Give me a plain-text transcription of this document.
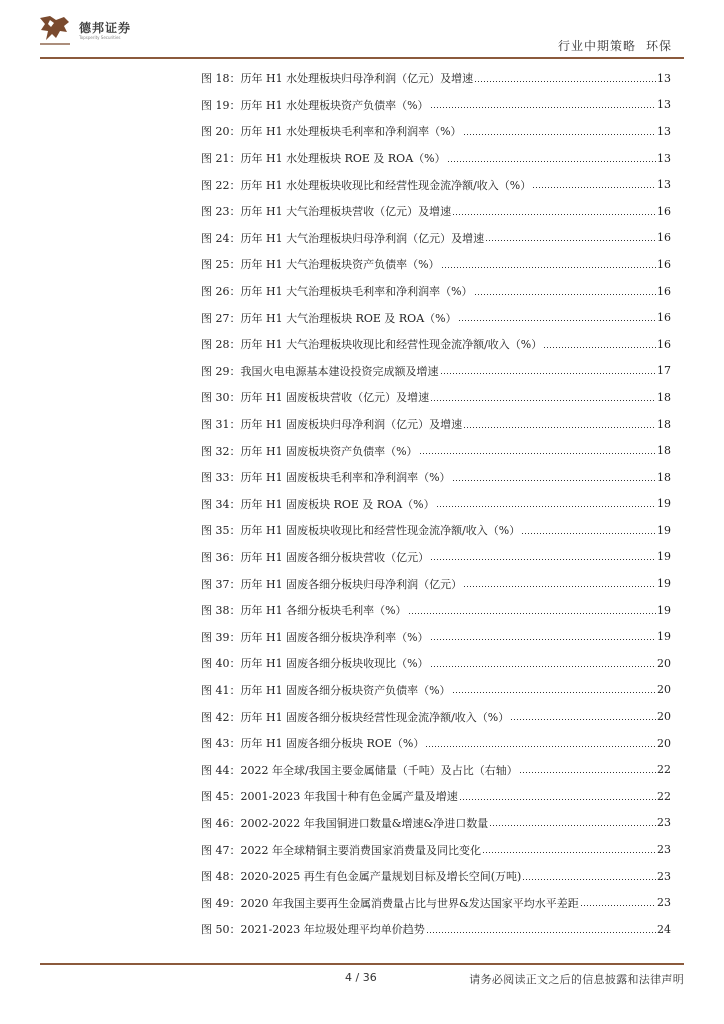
德邦证券
Topsperity Securities
行业中期策略 环保
图 18：历年 H1 水处理板块归母净利润（亿元）及增速	13
图 19：历年 H1 水处理板块资产负债率（%）	13
图 20：历年 H1 水处理板块毛利率和净利润率（%）	13
图 21：历年 H1 水处理板块 ROE 及 ROA（%）	13
图 22：历年 H1 水处理板块收现比和经营性现金流净额/收入（%）	13
图 23：历年 H1 大气治理板块营收（亿元）及增速	16
图 24：历年 H1 大气治理板块归母净利润（亿元）及增速	16
图 25：历年 H1 大气治理板块资产负债率（%）	16
图 26：历年 H1 大气治理板块毛利率和净利润率（%）	16
图 27：历年 H1 大气治理板块 ROE 及 ROA（%）	16
图 28：历年 H1 大气治理板块收现比和经营性现金流净额/收入（%）	16
图 29：我国火电电源基本建设投资完成额及增速	17
图 30：历年 H1 固废板块营收（亿元）及增速	18
图 31：历年 H1 固废板块归母净利润（亿元）及增速	18
图 32：历年 H1 固废板块资产负债率（%）	18
图 33：历年 H1 固废板块毛利率和净利润率（%）	18
图 34：历年 H1 固废板块 ROE 及 ROA（%）	19
图 35：历年 H1 固废板块收现比和经营性现金流净额/收入（%）	19
图 36：历年 H1 固废各细分板块营收（亿元）	19
图 37：历年 H1 固废各细分板块归母净利润（亿元）	19
图 38：历年 H1 各细分板块毛利率（%）	19
图 39：历年 H1 固废各细分板块净利率（%）	19
图 40：历年 H1 固废各细分板块收现比（%）	20
图 41：历年 H1 固废各细分板块资产负债率（%）	20
图 42：历年 H1 固废各细分板块经营性现金流净额/收入（%）	20
图 43：历年 H1 固废各细分板块 ROE（%）	20
图 44：2022 年全球/我国主要金属储量（千吨）及占比（右轴）	22
图 45：2001-2023 年我国十种有色金属产量及增速	22
图 46：2002-2022 年我国铜进口数量&增速&净进口数量	23
图 47：2022 年全球精铜主要消费国家消费量及同比变化	23
图 48：2020-2025 再生有色金属产量规划目标及增长空间(万吨)	23
图 49：2020 年我国主要再生金属消费量占比与世界&发达国家平均水平差距	23
图 50：2021-2023 年垃圾处理平均单价趋势	24
4 / 36	请务必阅读正文之后的信息披露和法律声明
